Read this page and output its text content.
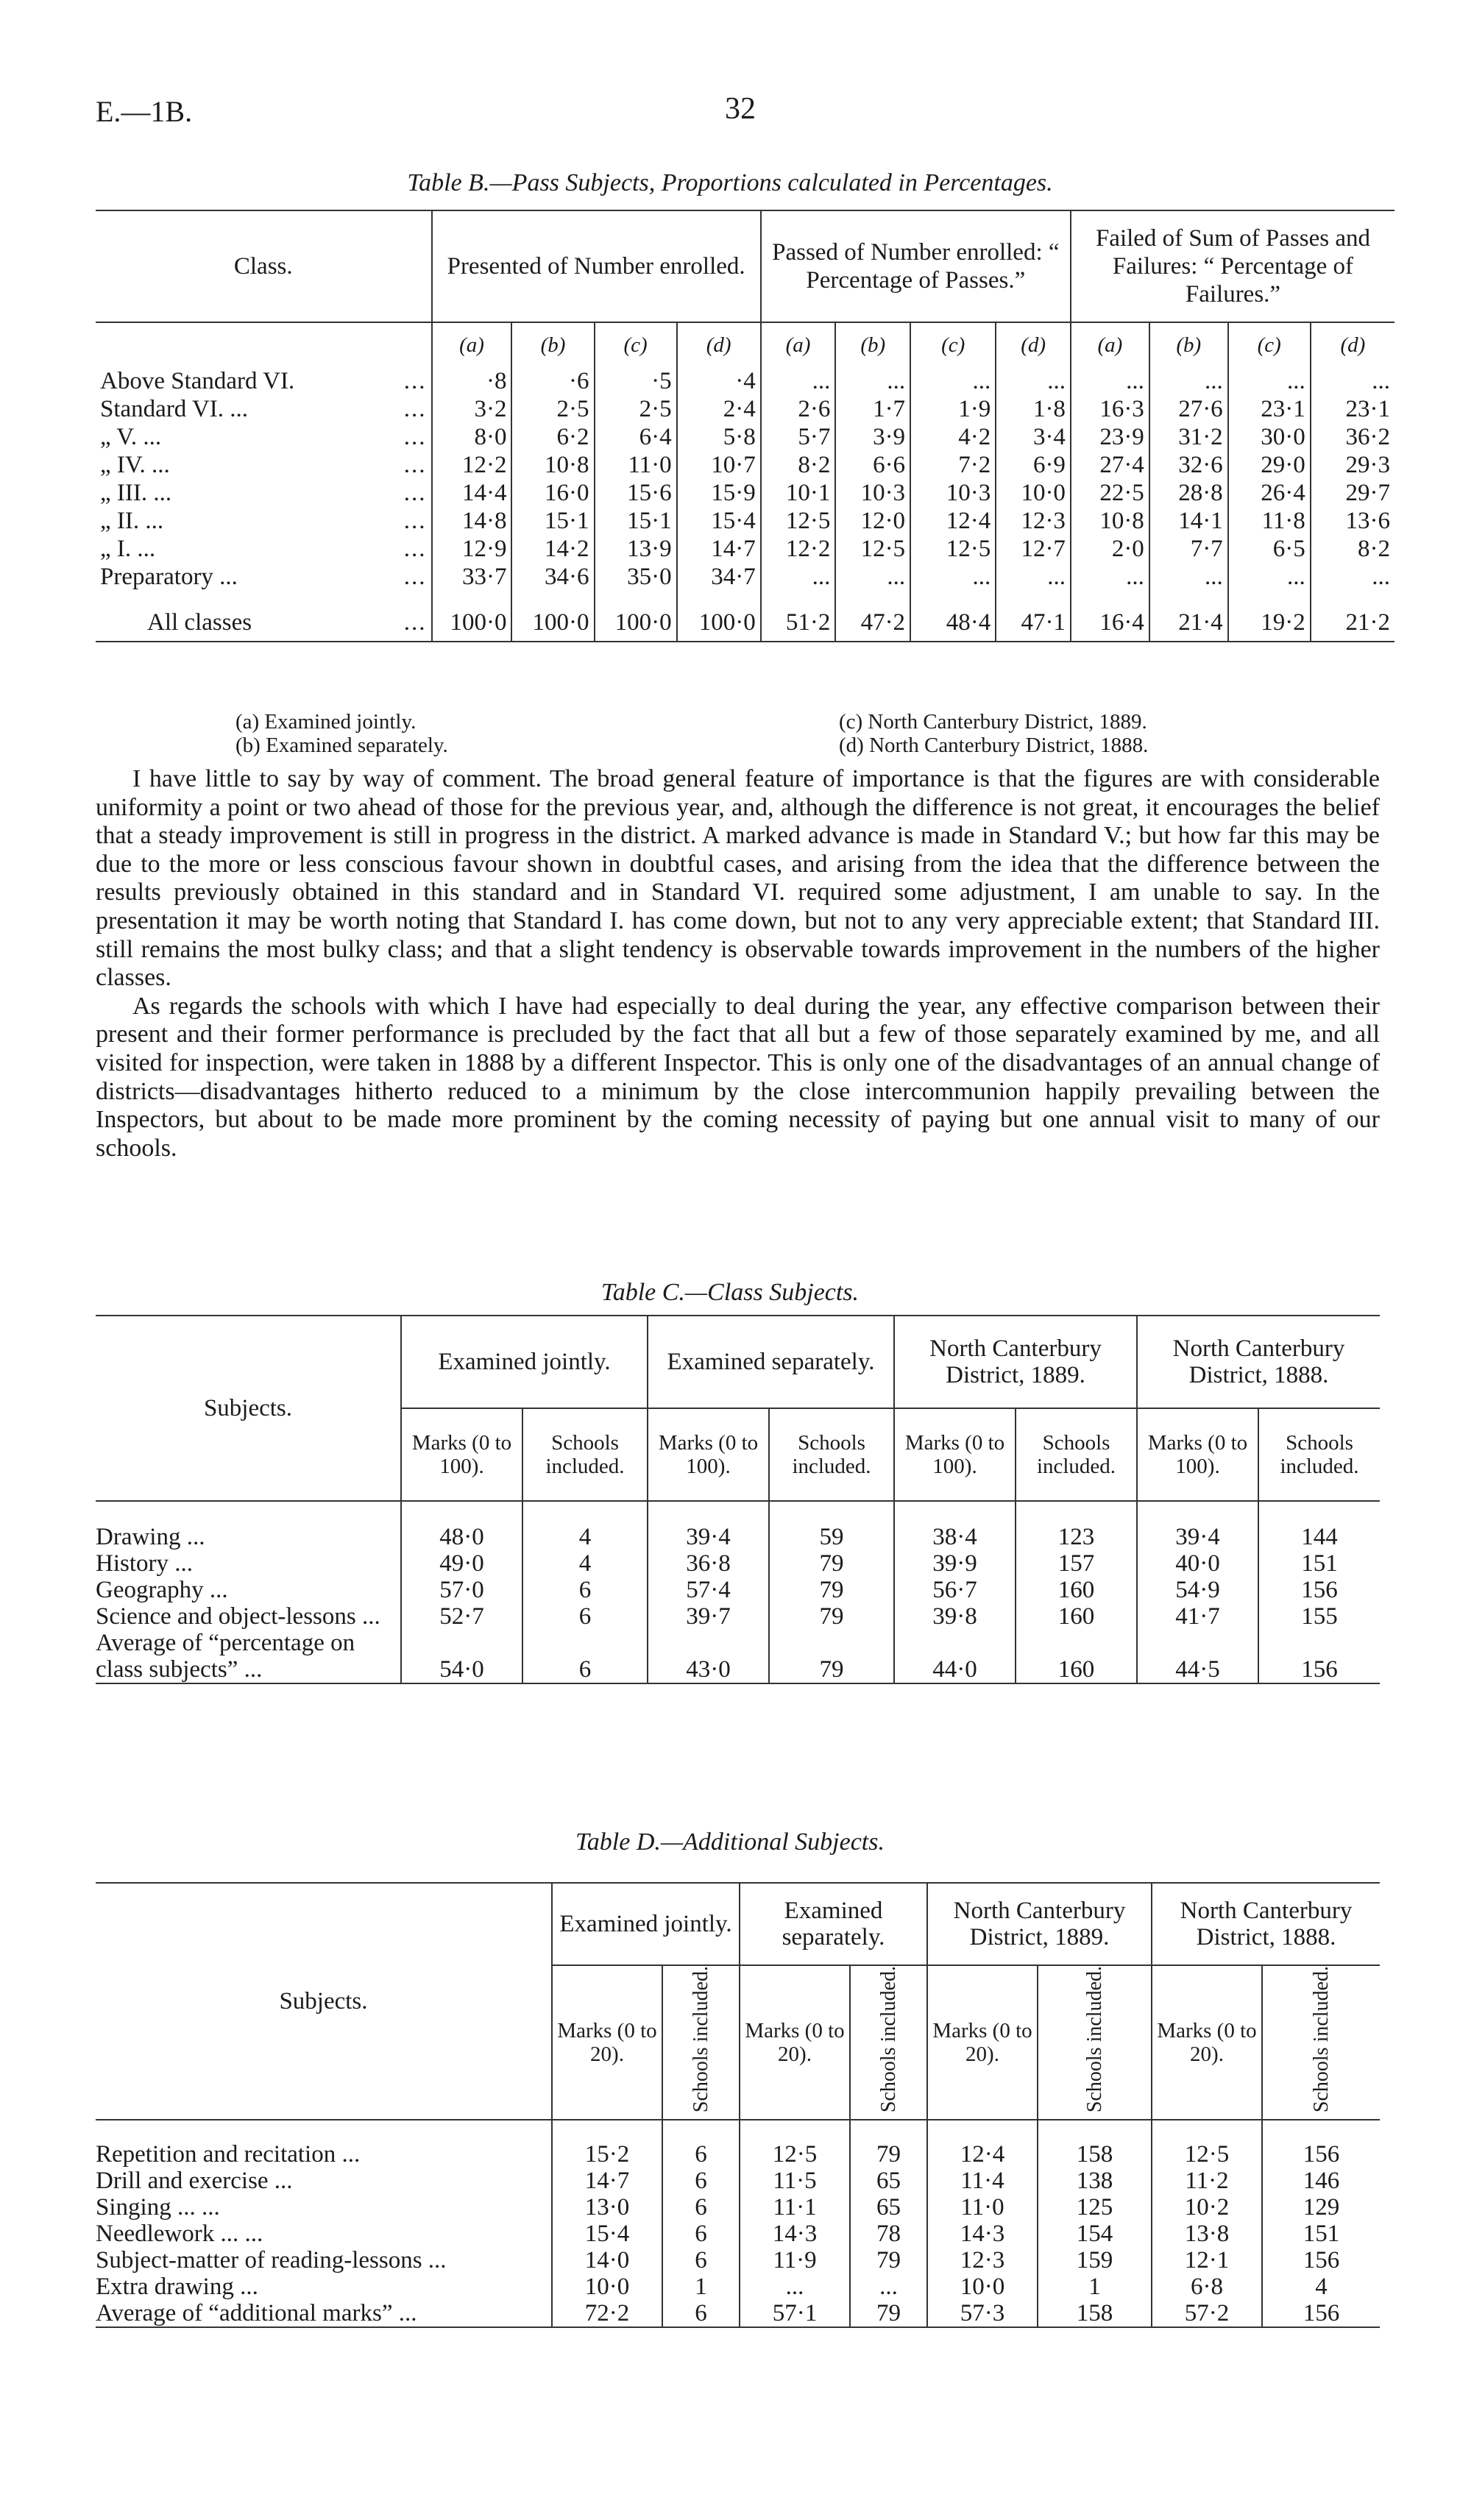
E.—1B.	32
Table B.—Pass Subjects, Proportions calculated in Percentages.
Class.		Presented of Number enrolled.				Passed of Number enrolled: “ Percentage of Passes.”				Failed of Sum of Passes and Failures: “ Percentage of Failures.”			
		(a)	(b)	(c)	(d)	(a)	(b)	(c)	(d)	(a)	(b)	(c)	(d)
Above Standard VI.	...	·8	·6	·5	·4	...	...	...	...	...	...	...	...
Standard VI. ...	...	3·2	2·5	2·5	2·4	2·6	1·7	1·9	1·8	16·3	27·6	23·1	23·1
„ V. ...	...	8·0	6·2	6·4	5·8	5·7	3·9	4·2	3·4	23·9	31·2	30·0	36·2
„ IV. ...	...	12·2	10·8	11·0	10·7	8·2	6·6	7·2	6·9	27·4	32·6	29·0	29·3
„ III. ...	...	14·4	16·0	15·6	15·9	10·1	10·3	10·3	10·0	22·5	28·8	26·4	29·7
„ II. ...	...	14·8	15·1	15·1	15·4	12·5	12·0	12·4	12·3	10·8	14·1	11·8	13·6
„ I. ...	...	12·9	14·2	13·9	14·7	12·2	12·5	12·5	12·7	2·0	7·7	6·5	8·2
Preparatory ...	...	33·7	34·6	35·0	34·7	...	...	...	...	...	...	...	...

All classes	...	100·0	100·0	100·0	100·0	51·2	47·2	48·4	47·1	16·4	21·4	19·2	21·2

(a) Examined jointly.
(b) Examined separately.
(c) North Canterbury District, 1889.
(d) North Canterbury District, 1888.

I have little to say by way of comment. The broad general feature of importance is that the figures are with considerable uniformity a point or two ahead of those for the previous year, and, although the difference is not great, it encourages the belief that a steady improvement is still in progress in the district. A marked advance is made in Standard V.; but how far this may be due to the more or less conscious favour shown in doubtful cases, and arising from the idea that the difference between the results previously obtained in this standard and in Standard VI. required some adjustment, I am unable to say. In the presentation it may be worth noting that Standard I. has come down, but not to any very appreciable extent; that Standard III. still remains the most bulky class; and that a slight tendency is observable towards improvement in the numbers of the higher classes.

As regards the schools with which I have had especially to deal during the year, any effective comparison between their present and their former performance is precluded by the fact that all but a few of those separately examined by me, and all visited for inspection, were taken in 1888 by a different Inspector. This is only one of the disadvantages of an annual change of districts—disadvantages hitherto reduced to a minimum by the close intercommunion happily prevailing between the Inspectors, but about to be made more prominent by the coming necessity of paying but one annual visit to many of our schools.

Table C.—Class Subjects.
Subjects.	Examined jointly.		Examined separately.		North Canterbury District, 1889.		North Canterbury District, 1888.	
	Marks (0 to 100).	Schools included.	Marks (0 to 100).	Schools included.	Marks (0 to 100).	Schools included.	Marks (0 to 100).	Schools included.

Drawing ...	48·0	4	39·4	59	38·4	123	39·4	144
History ...	49·0	4	36·8	79	39·9	157	40·0	151
Geography ...	57·0	6	57·4	79	56·7	160	54·9	156
Science and object-lessons ...	52·7	6	39·7	79	39·8	160	41·7	155
Average of “percentage on class subjects” ...	54·0	6	43·0	79	44·0	160	44·5	156

Table D.—Additional Subjects.
Subjects.	Examined jointly.		Examined separately.		North Canterbury District, 1889.		North Canterbury District, 1888.	
	Marks (0 to 20).	Schools included.	Marks (0 to 20).	Schools included.	Marks (0 to 20).	Schools included.	Marks (0 to 20).	Schools included.

Repetition and recitation ...	15·2	6	12·5	79	12·4	158	12·5	156
Drill and exercise ...	14·7	6	11·5	65	11·4	138	11·2	146
Singing ... ...	13·0	6	11·1	65	11·0	125	10·2	129
Needlework ... ...	15·4	6	14·3	78	14·3	154	13·8	151
Subject-matter of reading-lessons ...	14·0	6	11·9	79	12·3	159	12·1	156
Extra drawing ...	10·0	1	...	...	10·0	1	6·8	4
Average of “additional marks” ...	72·2	6	57·1	79	57·3	158	57·2	156
